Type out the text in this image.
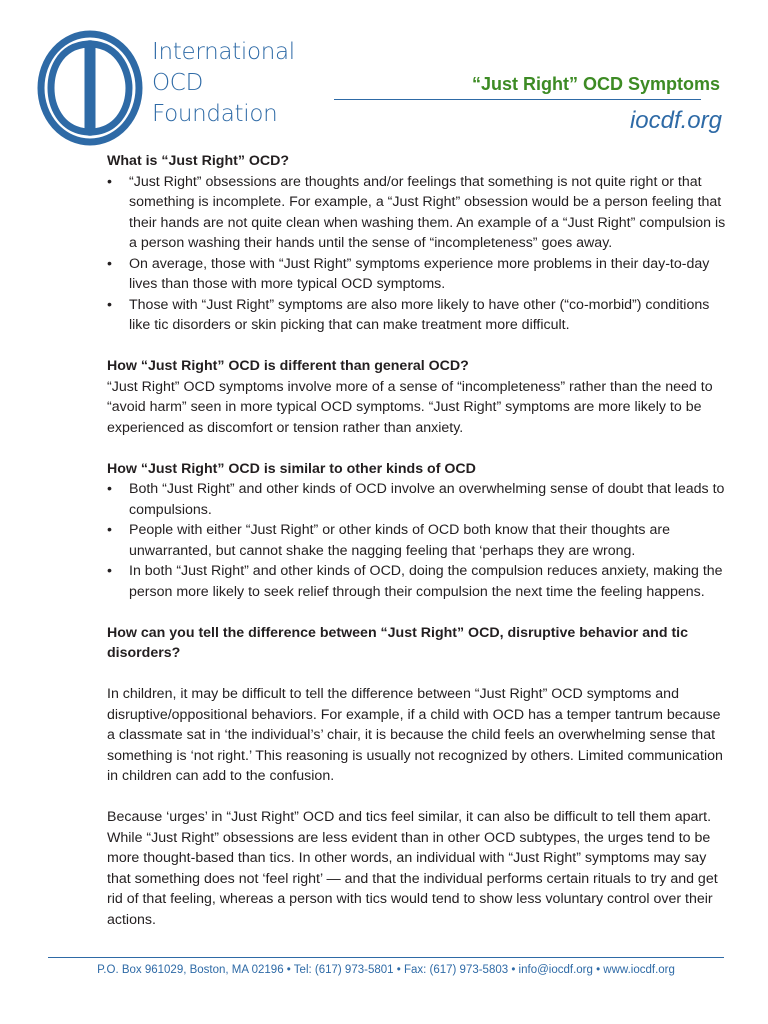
International
OCD
Foundation
“Just Right” OCD Symptoms
iocdf.org
What is “Just Right” OCD?
• “Just Right” obsessions are thoughts and/or feelings that something is not quite right or that something is incomplete. For example, a “Just Right” obsession would be a person feeling that their hands are not quite clean when washing them. An example of a “Just Right” compulsion is a person washing their hands until the sense of “incompleteness” goes away.
• On average, those with “Just Right” symptoms experience more problems in their day-to-day lives than those with more typical OCD symptoms.
• Those with “Just Right” symptoms are also more likely to have other (“co-morbid”) conditions like tic disorders or skin picking that can make treatment more difficult.
How “Just Right” OCD is different than general OCD?

“Just Right” OCD symptoms involve more of a sense of “incompleteness” rather than the need to “avoid harm” seen in more typical OCD symptoms. “Just Right” symptoms are more likely to be experienced as discomfort or tension rather than anxiety.

How “Just Right” OCD is similar to other kinds of OCD
• Both “Just Right” and other kinds of OCD involve an overwhelming sense of doubt that leads to compulsions.
• People with either “Just Right” or other kinds of OCD both know that their thoughts are unwarranted, but cannot shake the nagging feeling that ‘perhaps they are wrong.
• In both “Just Right” and other kinds of OCD, doing the compulsion reduces anxiety, making the person more likely to seek relief through their compulsion the next time the feeling happens.
How can you tell the difference between “Just Right” OCD, disruptive behavior and tic disorders?

In children, it may be difficult to tell the difference between “Just Right” OCD symptoms and disruptive/oppositional behaviors. For example, if a child with OCD has a temper tantrum because a classmate sat in ‘the individual’s’ chair, it is because the child feels an overwhelming sense that something is ‘not right.’ This reasoning is usually not recognized by others. Limited communication in children can add to the confusion.

Because ‘urges’ in “Just Right” OCD and tics feel similar, it can also be difficult to tell them apart. While “Just Right” obsessions are less evident than in other OCD subtypes, the urges tend to be more thought-based than tics. In other words, an individual with “Just Right” symptoms may say that something does not ‘feel right’ — and that the individual performs certain rituals to try and get rid of that feeling, whereas a person with tics would tend to show less voluntary control over their actions.

P.O. Box 961029, Boston, MA 02196 • Tel: (617) 973-5801 • Fax: (617) 973-5803 • info@iocdf.org • www.iocdf.org
